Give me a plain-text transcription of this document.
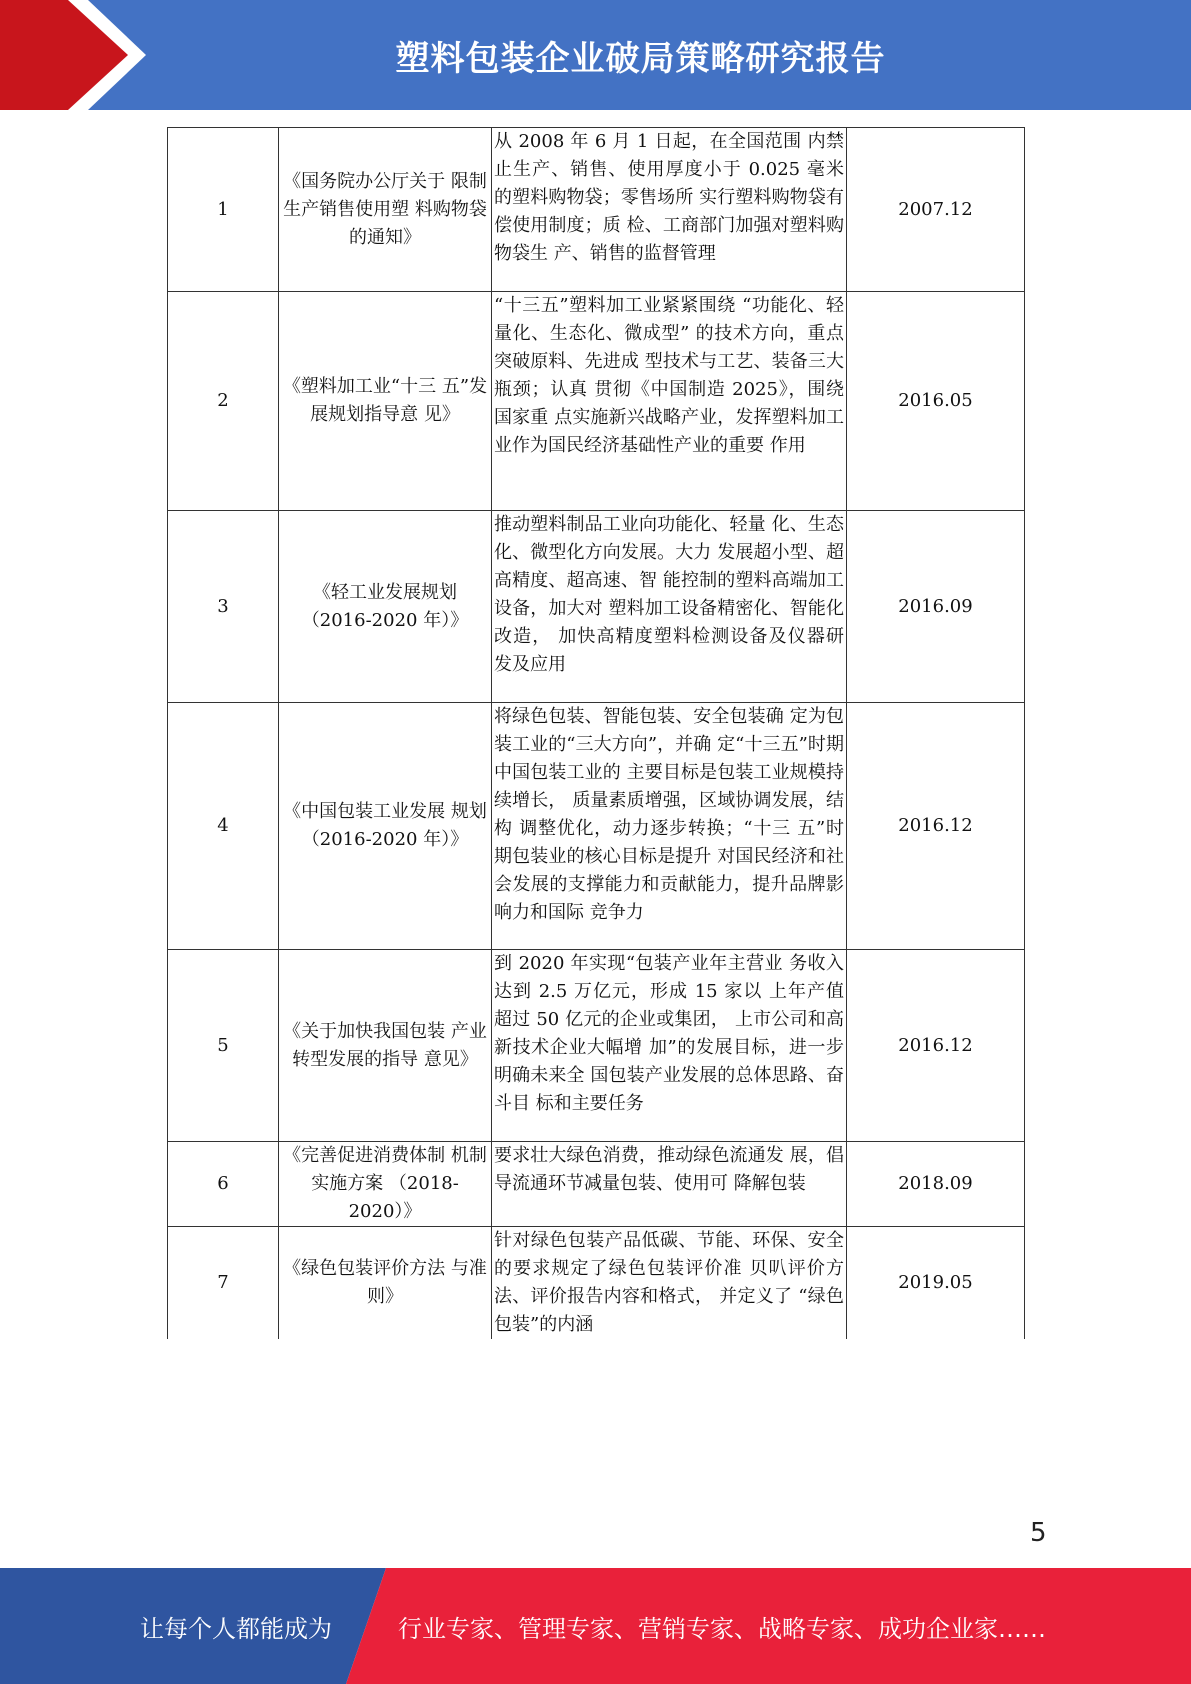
塑料包装企业破局策略研究报告
1	《国务院办公厅关于 限制生产销售使用塑 料购物袋的通知》	从 2008 年 6 月 1 日起，在全国范围 内禁止生产、销售、使用厚度小于 0.025 毫米的塑料购物袋；零售场所 实行塑料购物袋有偿使用制度；质 检、工商部门加强对塑料购物袋生 产、销售的监督管理	2007.12
2	《塑料加工业“十三 五”发展规划指导意 见》	“十三五”塑料加工业紧紧围绕 “功能化、轻量化、生态化、微成型” 的技术方向，重点突破原料、先进成 型技术与工艺、装备三大瓶颈；认真 贯彻《中国制造 2025》，围绕国家重 点实施新兴战略产业，发挥塑料加工 业作为国民经济基础性产业的重要 作用	2016.05
3	《轻工业发展规划 （2016-2020 年）》	推动塑料制品工业向功能化、轻量 化、生态化、微型化方向发展。大力 发展超小型、超高精度、超高速、智 能控制的塑料高端加工设备，加大对 塑料加工设备精密化、智能化改造， 加快高精度塑料检测设备及仪器研 发及应用	2016.09
4	《中国包装工业发展 规划（2016-2020 年）》	将绿色包装、智能包装、安全包装确 定为包装工业的“三大方向”，并确 定“十三五”时期中国包装工业的 主要目标是包装工业规模持续增长， 质量素质增强，区域协调发展，结构 调整优化，动力逐步转换；“十三 五”时期包装业的核心目标是提升 对国民经济和社会发展的支撑能力和贡献能力，提升品牌影响力和国际 竞争力	2016.12
5	《关于加快我国包装 产业转型发展的指导 意见》	到 2020 年实现“包装产业年主营业 务收入达到 2.5 万亿元，形成 15 家以 上年产值超过 50 亿元的企业或集团， 上市公司和高新技术企业大幅增 加”的发展目标，进一步明确未来全 国包装产业发展的总体思路、奋斗目 标和主要任务	2016.12
6	《完善促进消费体制 机制实施方案 （2018-2020）》	要求壮大绿色消费，推动绿色流通发 展，倡导流通环节减量包装、使用可 降解包装	2018.09
7	《绿色包装评价方法 与准则》	针对绿色包装产品低碳、节能、环保、安全的要求规定了绿色包装评价准 贝叭评价方法、评价报告内容和格式， 并定义了 “绿色包装”的内涵	2019.05
5
让每个人都能成为	行业专家、管理专家、营销专家、战略专家、成功企业家……
